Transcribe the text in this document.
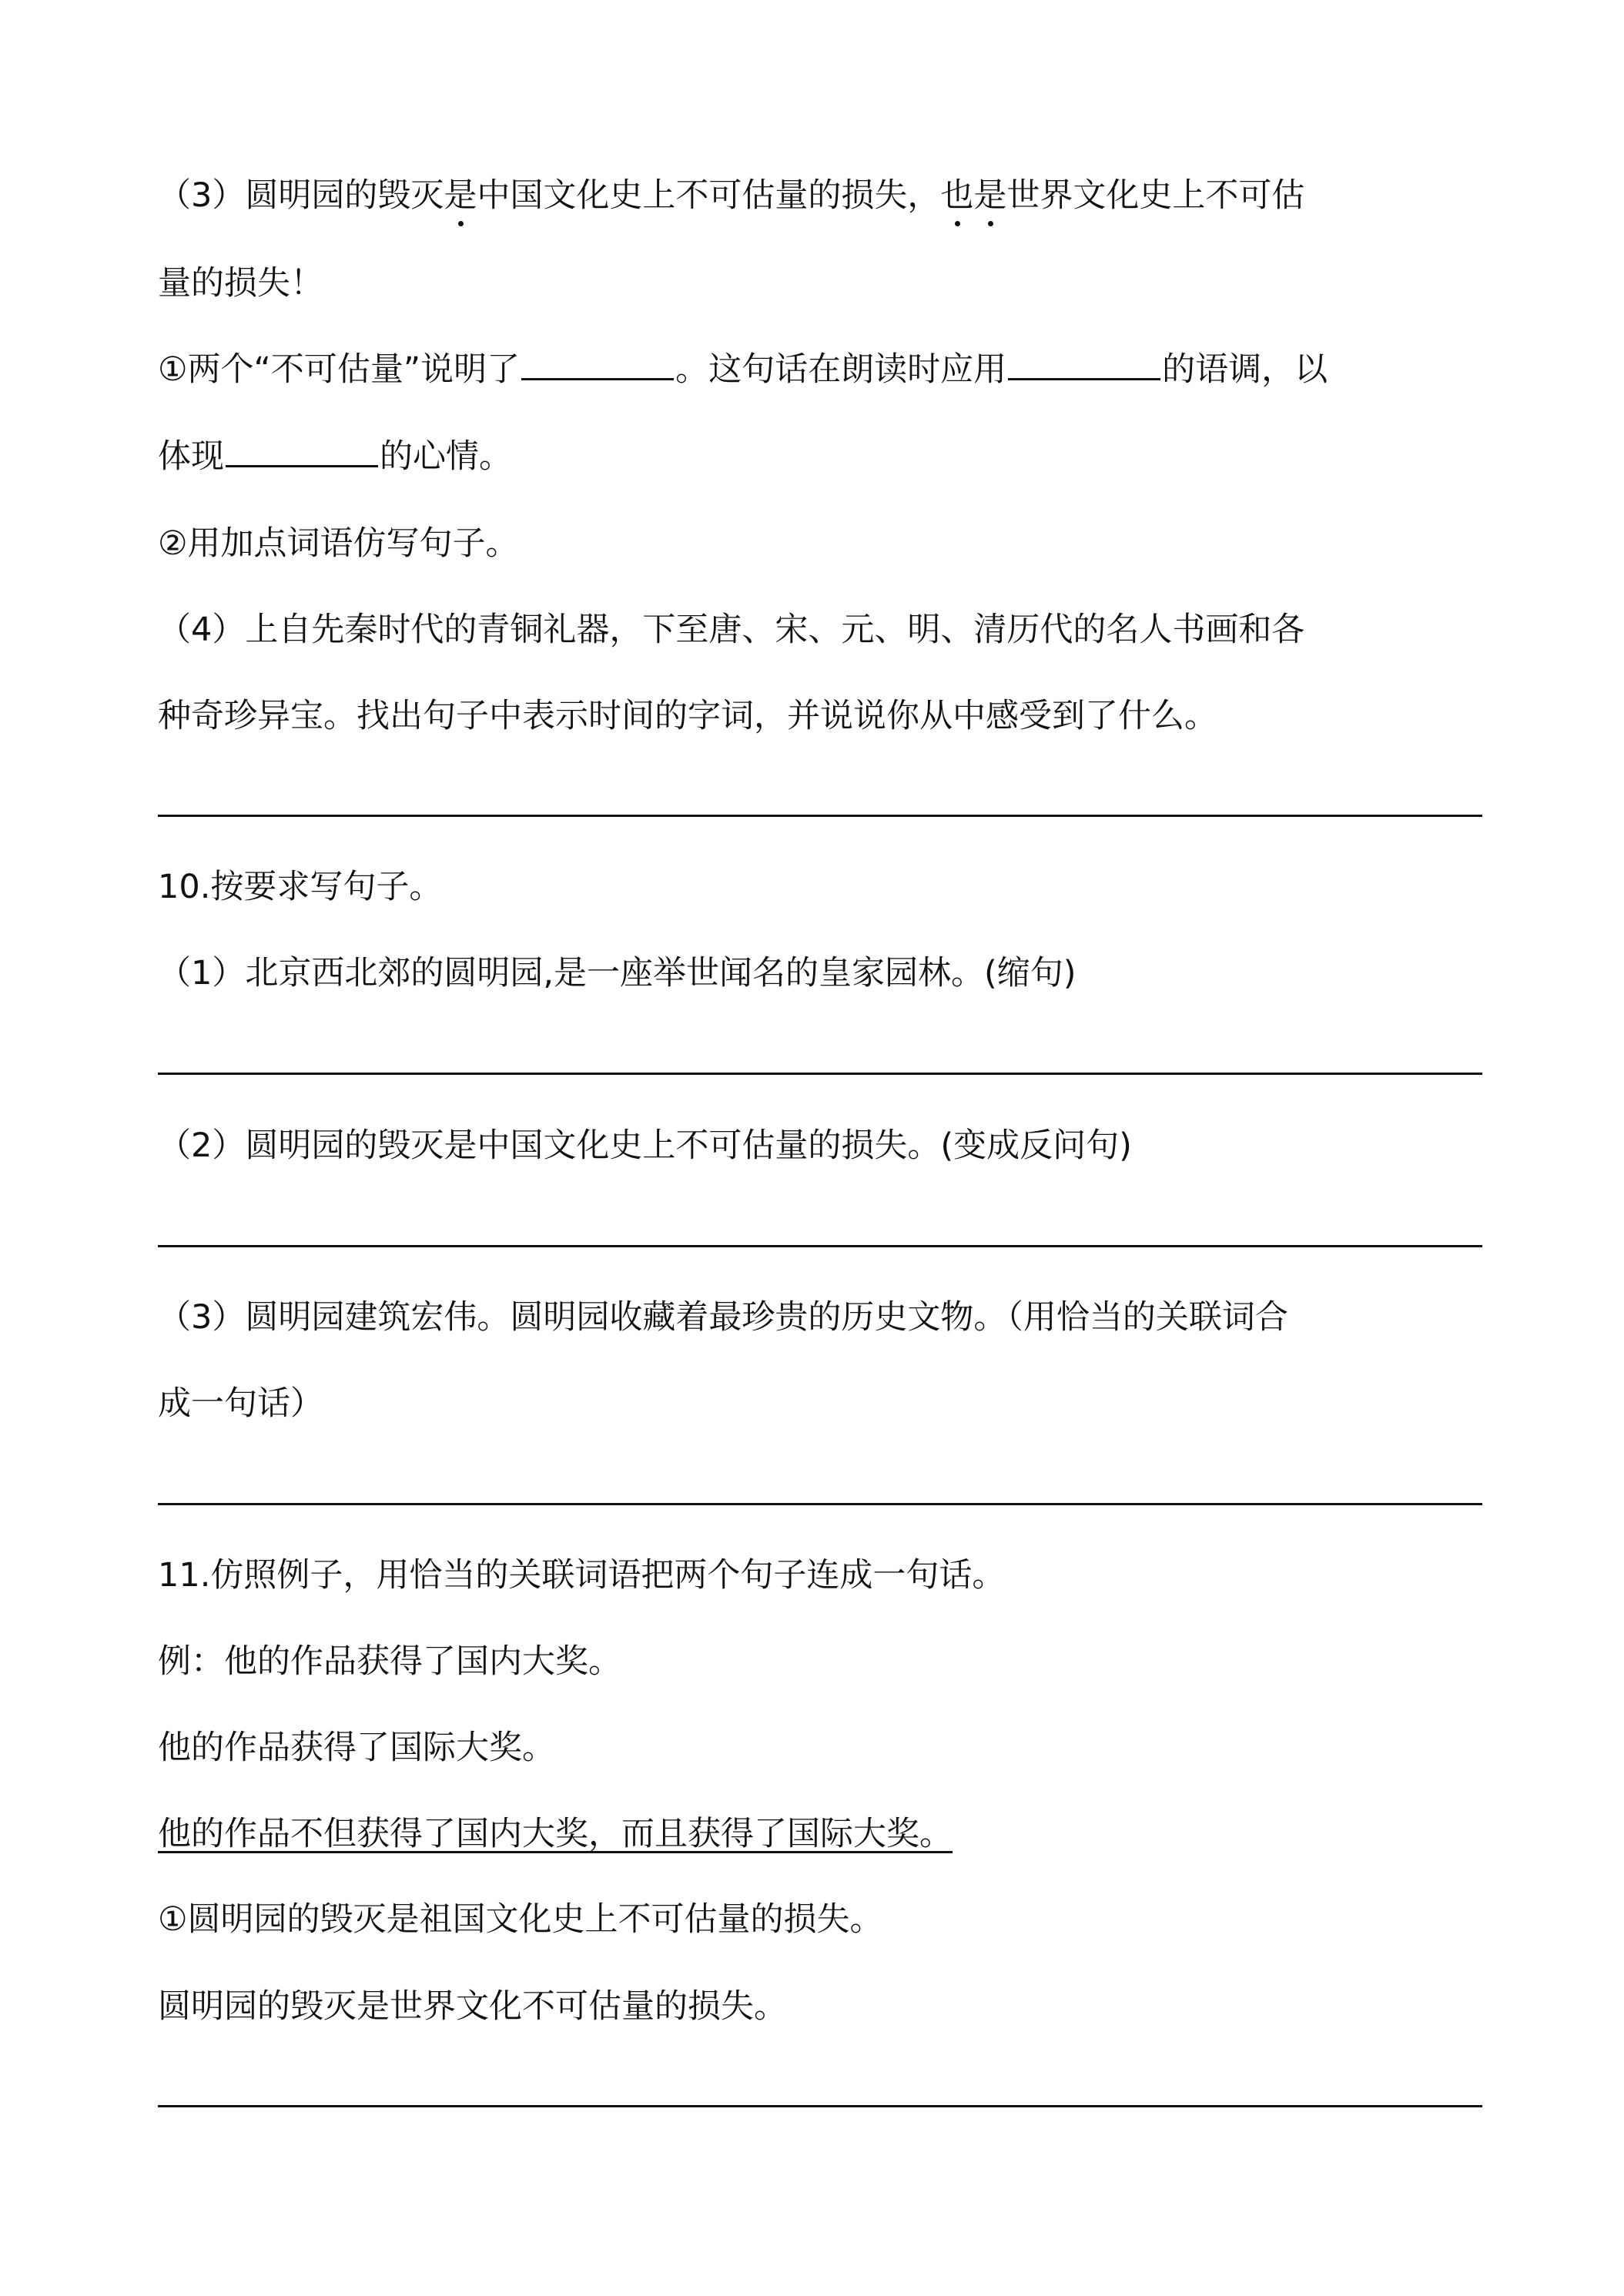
（3）圆明园的毁灭是中国文化史上不可估量的损失，也是世界文化史上不可估
量的损失！
①两个“不可估量”说明了	。这句话在朗读时应用	的语调，以
体现	的心情。
②用加点词语仿写句子。
（4）上自先秦时代的青铜礼器，下至唐、宋、元、明、清历代的名人书画和各
种奇珍异宝。找出句子中表示时间的字词，并说说你从中感受到了什么。
10.按要求写句子。
（1）北京西北郊的圆明园,是一座举世闻名的皇家园林。(缩句)
（2）圆明园的毁灭是中国文化史上不可估量的损失。(变成反问句)
（3）圆明园建筑宏伟。圆明园收藏着最珍贵的历史文物。（用恰当的关联词合
成一句话）
11.仿照例子，用恰当的关联词语把两个句子连成一句话。
例：他的作品获得了国内大奖。
他的作品获得了国际大奖。
他的作品不但获得了国内大奖，而且获得了国际大奖。
①圆明园的毁灭是祖国文化史上不可估量的损失。
圆明园的毁灭是世界文化不可估量的损失。
